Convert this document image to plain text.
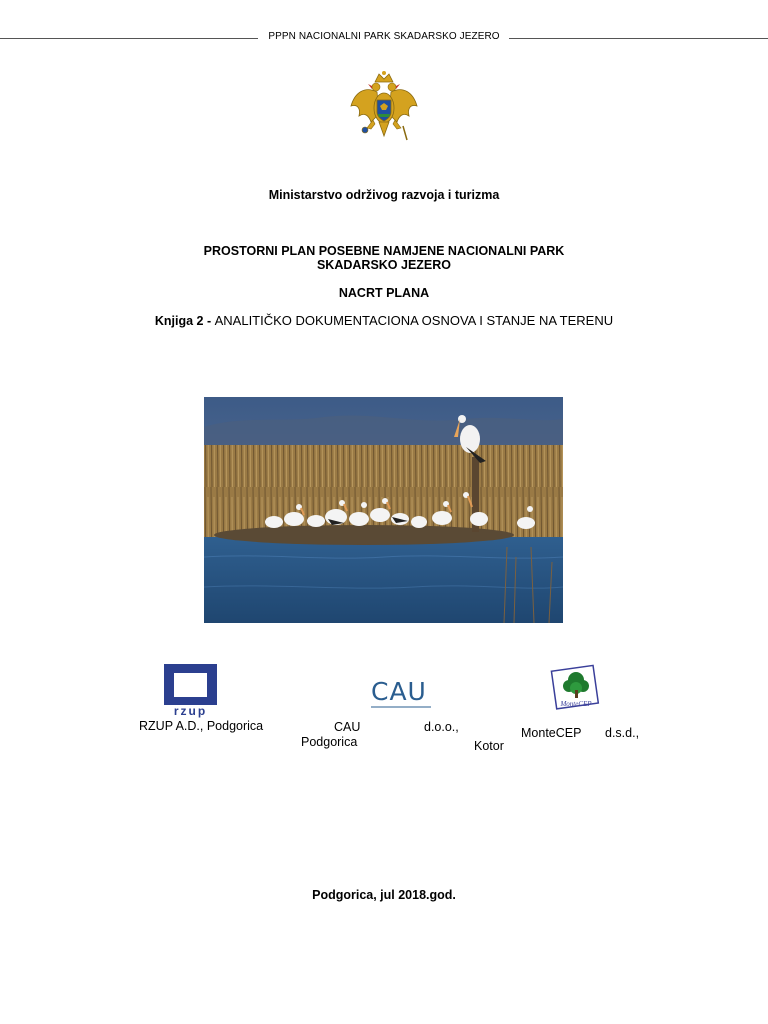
PPPN NACIONALNI PARK SKADARSKO JEZERO
Ministarstvo održivog razvoja i turizma
PROSTORNI PLAN POSEBNE NAMJENE NACIONALNI PARK
SKADARSKO JEZERO
NACRT PLANA
Knjiga 2 - ANALITIČKO DOKUMENTACIONA OSNOVA I STANJE NA TERENU
rzup
RZUP A.D., Podgorica
CAU
CAU	d.o.o.,
Podgorica	Kotor
MonteCEP
MonteCEP d.s.d.,
Podgorica, jul 2018.god.
